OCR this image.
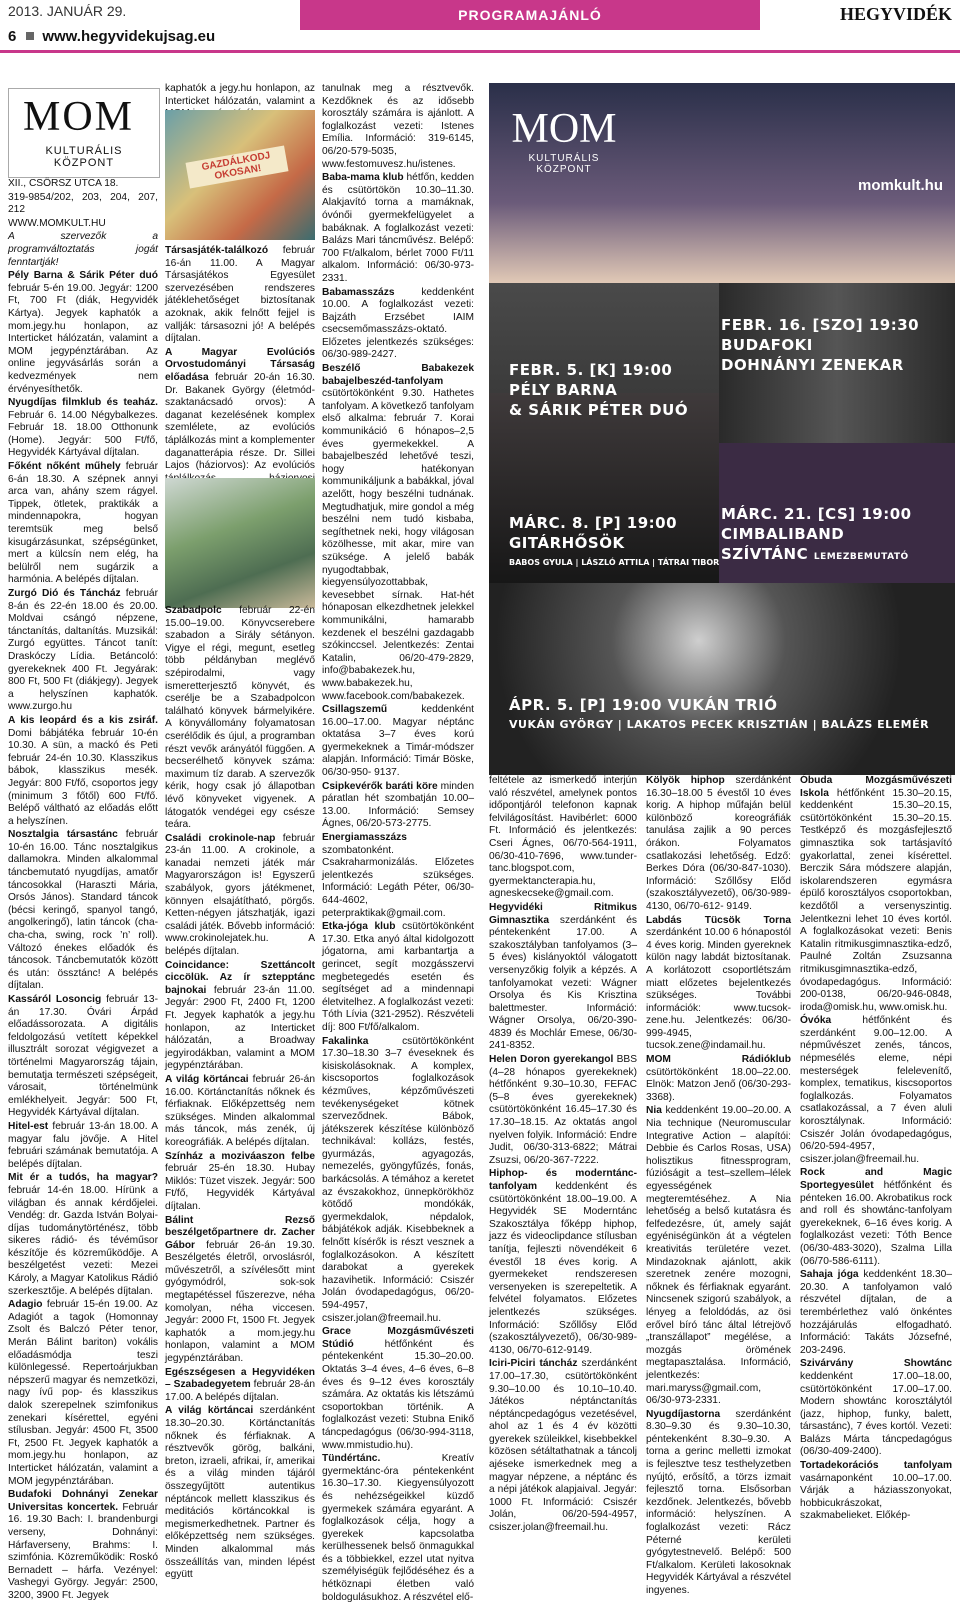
2013. JANUÁR 29.	PROGRAMAJÁNLÓ	HEGYVIDÉK
6 www.hegyvidekujsag.eu
MOM
KULTURÁLIS
KÖZPONT

XII., CSÖRSZ UTCA 18.

319-9854/202, 203, 204, 207, 212

WWW.MOMKULT.HU

A szervezők a programváltoztatás jogát fenntartják!

Pély Barna & Sárik Péter duó február 5-én 19.00. Jegyár: 1200 Ft, 700 Ft (diák, Hegyvidék Kártya). Jegyek kaphatók a mom.jegy.hu honlapon, az Interticket hálózatán, valamint a MOM jegypénztárában. Az online jegyvásárlás során a kedvezmények nem érvényesíthetők.

Nyugdíjas filmklub és teaház. Február 6. 14.00 Négybalkezes. Február 18. 18.00 Otthonunk (Home). Jegyár: 500 Ft/fő, Hegyvidék Kártyával díjtalan.

Főként nőként műhely február 6-án 18.30. A szépnek annyi arca van, ahány szem rágyel. Tippek, ötletek, praktikák a mindennapokra, hogyan teremtsük meg belső kisugárzásunkat, szépségünket, mert a külcsín nem elég, ha belülről nem sugárzik a harmónia. A belépés díjtalan.

Zurgó Dió és Táncház február 8-án és 22-én 18.00 és 20.00. Moldvai csángó népzene, tánctanítás, daltanítás. Muzsikál: Zurgó együttes. Táncot tanít: Draskóczy Lídia. Betáncoló: gyerekeknek 400 Ft. Jegyárak: 800 Ft, 500 Ft (diákjegy). Jegyek a helyszínen kaphatók. www.zurgo.hu

A kis leopárd és a kis zsiráf. Domi bábjátéka február 10-én 10.30. A sün, a mackó és Peti február 24-én 10.30. Klasszikus bábok, klasszikus mesék. Jegyár: 800 Ft/fő, csoportos jegy (minimum 3 főtől) 600 Ft/fő. Belépő váltható az előadás előtt a helyszínen.

Nosztalgia társastánc február 10-én 16.00. Tánc nosztalgikus dallamokra. Minden alkalommal táncbemutató nyugdíjas, amatőr táncosokkal (Haraszti Mária, Orsós János). Standard táncok (bécsi keringő, spanyol tangó, angolkeringő), latin táncok (cha-cha-cha, swing, rock ’n’ roll). Változó énekes előadók és táncosok. Táncbemutatók között és után: össztánc! A belépés díjtalan.

Kassáról Losoncig február 13-án 17.30. Óvári Árpád előadássorozata. A digitális feldolgozású vetített képekkel illusztrált sorozat végigvezet a történelmi Magyarország tájain, bemutatja természeti szépségeit, városait, történelmünk emlékhelyeit. Jegyár: 500 Ft, Hegyvidék Kártyával díjtalan.

Hitel-est február 13-án 18.00. A magyar falu jövője. A Hitel februári számának bemutatója. A belépés díjtalan.

Mit ér a tudós, ha magyar? február 14-én 18.00. Hírünk a világban és annak kérdőjelei. Vendég: dr. Gazda István Bolyai-díjas tudománytörténész, több sikeres rádió- és tévéműsor készítője és közreműködője. A beszélgetést vezeti: Mezei Károly, a Magyar Katolikus Rádió szerkesztője. A belépés díjtalan.

Adagio február 15-én 19.00. Az Adagiót a tagok (Homonnay Zsolt és Balczó Péter tenor, Merán Bálint bariton) vokális előadásmódja teszi különlegessé. Repertoárjukban népszerű magyar és nemzetközi, nagy ívű pop- és klasszikus dalok szerepelnek szimfonikus zenekari kísérettel, egyéni stílusban. Jegyár: 4500 Ft, 3500 Ft, 2500 Ft. Jegyek kaphatók a mom.jegy.hu honlapon, az Interticket hálózatán, valamint a MOM jegypénztárában.

Budafoki Dohnányi Zenekar Universitas koncertek. Február 16. 19.30 Bach: I. brandenburgi verseny, Dohnányi: Hárfaverseny, Brahms: I. szimfónia. Közreműködik: Roskó Bernadett – hárfa. Vezényel: Vashegyi György. Jegyár: 2500, 3200, 3900 Ft. Jegyek

kaphatók a jegy.hu honlapon, az Interticket hálózatán, valamint a

GAZDÁLKODJ OKOSAN!

Társasjáték-találkozó február 16-án 11.00. A Magyar Társasjátékos Egyesület szervezésében rendszeres játéklehetőséget biztosítanak azoknak, akik felnőtt fejjel is vallják: társasozni jó! A belépés díjtalan.

A Magyar Evolúciós Orvostudományi Társaság előadása február 20-án 16.30. Dr. Bakanek György (életmód-szaktanácsadó orvos): A daganat kezelésének komplex szemlélete, az evolúciós táplálkozás mint a komplementer daganatterápia része. Dr. Sillei Lajos (háziorvos): Az evolúciós

Szabadpolc február 22-én 15.00–19.00. Könyvcserebere szabadon a Sirály sétányon. Vigye el régi, megunt, esetleg több példányban meglévő szépirodalmi, vagy ismeretterjesztő könyvét, és cserélje be a Szabadpolcon található könyvek bármelyikére. A könyvállomány folyamatosan cserélődik és újul, a programban részt vevők arányától függően. A becserélhető könyvek száma: maximum tíz darab. A szervezők kérik, hogy csak jó állapotban lévő könyveket vigyenek. A látogatók vendégei egy csésze teára.

Családi crokinole-nap február 23-án 11.00. A crokinole, a kanadai nemzeti játék már Magyarországon is! Egyszerű szabályok, gyors játékmenet, könnyen elsajátítható, pörgős. Ketten-négyen játszhatják, igazi családi játék. Bővebb információ: www.crokinolejatek.hu. A belépés díjtalan.

Coincidance: Szettáncolt ciccölük. Az ír sztepptánc bajnokai február 23-án 11.00. Jegyár: 2900 Ft, 2400 Ft, 1200 Ft. Jegyek kaphatók a jegy.hu honlapon, az Interticket hálózatán, a Broadway jegyirodákban, valamint a MOM jegypénztárában.

A világ körtáncai február 26-án 16.00. Körtánctanítás nőknek és férfiaknak. Előképzettség nem szükséges. Minden alkalommal más táncok, más zenék, új koreográfiák. A belépés díjtalan.

Színház a moziváaszon felbe február 25-én 18.30. Hubay Miklós: Tüzet viszek. Jegyár: 500 Ft/fő, Hegyvidék Kártyával díjtalan.

Bálint Rezső beszélgetőpartnere dr. Zacher Gábor február 26-án 19.30. Beszélgetés életről, orvoslásról, művészetről, a szívélesőtt mint gyógymódról, sok-sok megtapétéssel fűszerezve, néha komolyan, néha viccesen. Jegyár: 2000 Ft, 1500 Ft. Jegyek kaphatók a mom.jegy.hu honlapon, valamint a MOM jegypénztárában.

Egészségesen a Hegyvidéken – Szabadegyetem február 28-án 17.00. A belépés díjtalan.

A világ körtáncai szerdánként 18.30–20.30. Körtánctanítás nőknek és férfiaknak. A résztvevők görög, balkáni, breton, izraeli, afrikai, ír, amerikai és a világ minden tájáról összegyűjtött autentikus néptáncok mellett klasszikus és meditációs körtáncokkal is megismerkedhetnek. Partner és előképzettség nem szükséges. Minden alkalommal más összeállítás van, minden lépést együtt

tanulnak meg a résztvevők. Kezdőknek és az idősebb korosztály számára is ajánlott. A foglalkozást vezeti: Istenes Emília. Információ: 319-6145, 06/20-579-5035, www.festomuvesz.hu/istenes.

Baba-mama klub hétfőn, kedden és csütörtökön 10.30–11.30. Alakjavító torna a mamáknak, óvónői gyermekfelügyelet a babáknak. A foglalkozást vezeti: Balázs Mari táncművész. Belépő: 700 Ft/alkalom, bérlet 7000 Ft/11 alkalom. Információ: 06/30-973-2331.

Babamasszázs keddenként 10.00. A foglalkozást vezeti: Bajzáth Erzsébet IAIM csecsemőmasszázs-oktató. Előzetes jelentkezés szükséges: 06/30-989-2427.

Beszélő Babakezek babajelbeszéd-tanfolyam csütörtökönként 9.30. Hathetes tanfolyam. A következő tanfolyam első alkalma: február 7. Korai kommunikáció 6 hónapos–2,5 éves gyermekekkel. A babajelbeszéd lehetővé teszi, hogy hatékonyan kommunikáljunk a babákkal, jóval azelőtt, hogy beszélni tudnának. Megtudhatjuk, mire gondol a még beszélni nem tudó kisbaba, segíthetnek neki, hogy világosan közölhesse, mit akar, mire van szüksége. A jelelő babák nyugodtabbak, kiegyensúlyozottabbak, kevesebbet sírnak. Hat-hét hónaposan elkezdhetnek jelekkel kommunikálni, hamarabb kezdenek el beszélni gazdagabb szókinccsel. Jelentkezés: Zentai Katalin, 06/20-479-2829, info@babakezek.hu, www.babakezek.hu, www.facebook.com/babakezek.

Csillagszemű keddenként 16.00–17.00. Magyar néptánc oktatása 3–7 éves korú gyermekeknek a Timár-módszer alapján. Információ: Timár Böske, 06/30-950- 9137.

Csipkevérők baráti köre minden páratlan hét szombatján 10.00–13.00. Információ: Semsey Ágnes, 06/20-573-2775.

Energiamasszázs szombatonként. Csakraharmonizálás. Előzetes jelentkezés szükséges. Információ: Legáth Péter, 06/30-644-4602, peterpraktikak@gmail.com.

Etka-jóga klub csütörtökönként 17.30. Etka anyó által kidolgozott jógatorna, ami karbantartja a gerincet, segít mozgásszervi megbetegedés esetén és segítséget ad a mindennapi életvitelhez. A foglalkozást vezeti: Tóth Lívia (321-2952). Részvételi díj: 800 Ft/fő/alkalom.

Fakalinka csütörtökönként 17.30–18.30 3–7 éveseknek és kisiskolásoknak. A komplex, kiscsoportos foglalkozások kézműves, képzőművészeti tevékenységeket kötnek szerveződnek. Bábok, játékszerek készítése különböző technikával: kollázs, festés, gyurmázás, agyagozás, nemezelés, gyöngyfűzés, fonás, barkácsolás. A témához a keretet az évszakokhoz, ünnepkörökhöz kötődő mondókák, gyermekdalok, népdalok, bábjátékok adják. Kisebbeknek a felnőtt kísérők is részt vesznek a foglalkozásokon. A készített darabokat a gyerekek hazavihetik. Információ: Csiszér Jolán óvodapedagógus, 06/20-594-4957, csiszer.jolan@freemail.hu.

Grace Mozgásművészeti Stúdió hétfőnként és péntekenként 15.30–20.00. Oktatás 3–4 éves, 4–6 éves, 6–8 éves és 9–12 éves korosztály számára. Az oktatás kis létszámú csoportokban történik. A foglalkozást vezeti: Stubna Enikő táncpedagógus (06/30-994-3118, www.mmistudio.hu).

Tündértánc. Kreatív gyermektánc-óra péntekenként 16.30–17.30. Kiegyensúlyozott és nehézségeikkel küzdő gyermekek számára egyaránt. A foglalkozások célja, hogy a gyerekek kapcsolatba kerülhessenek belső önmagukkal és a többiekkel, ezzel utat nyitva személyiségük fejlődéséhez és a hétköznapi életben való boldogulásukhoz. A részvétel elő-

MOM
KULTURÁLIS KÖZPONT
momkult.hu
FEBR. 5. [K] 19:00
PÉLY BARNA
& SÁRIK PÉTER DUÓ
FEBR. 16. [SZO] 19:30
BUDAFOKI
DOHNÁNYI ZENEKAR
MÁRC. 8. [P] 19:00
GITÁRHŐSÖK
BABOS GYULA | LÁSZLÓ ATTILA | TÁTRAI TIBOR
MÁRC. 21. [CS] 19:00
CIMBALIBAND
SZÍVTÁNC LEMEZBEMUTATÓ
ÁPR. 5. [P] 19:00 VUKÁN TRIÓ
VUKÁN GYÖRGY | LAKATOS PECEK KRISZTIÁN | BALÁZS ELEMÉR

feltétele az ismerkedő interjún való részvétel, amelynek pontos időpontjáról telefonon kapnak felvilágosítást. Havibérlet: 6000 Ft. Információ és jelentkezés: Cseri Ágnes, 06/70-564-1911, 06/30-410-7696, www.tunder-tanc.blogspot.com, gyermektancterapia.hu, agneskecseke@gmail.com.

Hegyvidéki Ritmikus Gimnasztika szerdánként és péntekenként 17.00. A szakosztályban tanfolyamos (3–5 éves) kislányoktól válogatott versenyzőkig folyik a képzés. A tanfolyamokat vezeti: Wágner Orsolya és Kis Krisztina balettmester. Információ: Wágner Orsolya, 06/20-390-4839 és Mochlár Emese, 06/30-241-8352.

Helen Doron gyerekangol BBS (4–28 hónapos gyerekeknek) hétfőnként 9.30–10.30, FEFAC (5–8 éves gyerekeknek) csütörtökönként 16.45–17.30 és 17.30–18.15. Az oktatás angol nyelven folyik. Információ: Endre Judit, 06/30-313-6822; Mátrai Zsuzsi, 06/20-367-7222.

Hiphop- és moderntánc-tanfolyam keddenként és csütörtökönként 18.00–19.00. A Hegyvidék SE Moderntánc Szakosztálya főképp hiphop, jazz és videoclipdance stílusban tanítja, fejleszti növendékeit 6 évestől 18 éves korig. A gyermekeket rendszeresen versenyeken is szerepeltetik. A felvétel folyamatos. Előzetes jelentkezés szükséges. Információ: Szőllősy Előd (szakosztályvezető), 06/30-989-4130, 06/70-612-9149.

Iciri-Piciri táncház szerdánként 17.00–17.30, csütörtökönként 9.30–10.00 és 10.10–10.40. Játékos néptánctanítás néptáncpedagógus vezetésével, ahol az 1 és 4 év közötti gyerekek szüleikkel, kisebbekkel közösen sétáltathatnak a táncolj ajéseke ismerkednek meg a magyar népzene, a néptánc és a népi játékok alapjaival. Jegyár: 1000 Ft. Információ: Csiszér Jolán, 06/20-594-4957, csiszer.jolan@freemail.hu.

Kölyök hiphop szerdánként 16.30–18.00 5 évestől 10 éves korig. A hiphop műfaján belül különböző koreográfiák tanulása zajlik a 90 perces órákon. Folyamatos csatlakozási lehetőség. Edző: Berkes Dóra (06/30-847-1030). Információ: Szőllősy Előd (szakosztályvezető), 06/30-989-4130, 06/70-612- 9149.

Labdás Tücsök Torna szerdánként 10.00 6 hónapostól 4 éves korig. Minden gyereknek külön nagy labdát biztosítanak. A korlátozott csoportlétszám miatt előzetes bejelentkezés szükséges. További információk: www.tucsok-zene.hu. Jelentkezés: 06/30-999-4945, tucsok.zene@indamail.hu.

MOM Rádióklub csütörtökönként 18.00–22.00. Elnök: Matzon Jenő (06/30-293-3368).

Nia keddenként 19.00–20.00. A Nia technique (Neuromuscular Integrative Action – alapítói: Debbie és Carlos Rosas, USA) holisztikus fitnessprogram, fúzióságit a test–szellem–lélek egyességének megteremtéséhez. A Nia lehetőség a belső kutatásra és felfedezésre, út, amely saját egyéniségünkön át a végtelen kreativitás területére vezet. Mindazoknak ajánlott, akik szeretnek zenére mozogni, nőknek és férfiaknak egyaránt. Nincsenek szigorú szabályok, a lényeg a feloldódás, az ösi erővel bíró tánc által létrejövő „transzállapot” megélése, a mozgás örömének megtapasztalása. Információ, jelentkezés: mari.maryss@gmail.com, 06/30-973-2331.

Nyugdíjastorna szerdánként 8.30–9.30 és 9.30–10.30, péntekenként 8.30–9.30. A torna a gerinc melletti izmokat is fejlesztve tesz testhelyzetben nyújtó, erősítő, a törzs izmait fejlesztő torna. Elsősorban kezdőnek. Jelentkezés, bővebb információ: helyszínen. A foglalkozást vezeti: Rácz Péterné kerületi gyógytestnevelő. Belépő: 500 Ft/alkalom. Kerületi lakosoknak Hegyvidék Kártyával a részvétel ingyenes.

Óbuda Mozgásművészeti Iskola hétfőnként 15.30–20.15, keddenként 15.30–20.15, csütörtökönként 15.30–20.15. Testképző és mozgásfejlesztő gimnasztika sok tartásjavító gyakorlattal, zenei kísérettel. Berczik Sára módszere alapján, iskolarendszeren egymásra épülő korosztályos csoportokban, kezdőtől a versenyszintig. Jelentkezni lehet 10 éves kortól. A foglalkozásokat vezeti: Benis Katalin ritmikusgimnasztika-edző, Paulné Zoltán Zsuzsanna ritmikusgimnasztika-edző, óvodapedagógus. Információ: 200-0138, 06/20-946-0848, iroda@omisk.hu, www.omisk.hu.

Óvóka hétfőnként és szerdánként 9.00–12.00. A népművészet zenés, táncos, népmesélés eleme, népi mesterségek felelevenítő, komplex, tematikus, kiscsoportos foglalkozás. Folyamatos csatlakozással, a 7 éven aluli korosztálynak. Információ: Csiszér Jolán óvodapedagógus, 06/20-594-4957, csiszer.jolan@freemail.hu.

Rock and Magic Sportegyesület hétfőnként és pénteken 16.00. Akrobatikus rock and roll és showtánc-tanfolyam gyerekeknek, 6–16 éves korig. A foglalkozást vezeti: Tóth Bence (06/30-483-3020), Szalma Lilla (06/70-586-6111).

Sahaja jóga keddenként 18.30–20.30. A tanfolyamon való részvétel díjtalan, de a terembérlethez való önkéntes hozzájárulás elfogadható. Információ: Takáts Józsefné, 203-2496.

Szivárvány Showtánc keddenként 17.00–18.00, csütörtökönként 17.00–17.00. Modern showtánc korosztálytól (jazz, hiphop, funky, balett, társastánc), 7 éves kortól. Vezeti: Balázs Márta táncpedagógus (06/30-409-2400).

Tortadekorációs tanfolyam vasárnaponként 10.00–17.00. Várják a háziasszonyokat, hobbicukrászokat, szakmabelieket. Előkép-
